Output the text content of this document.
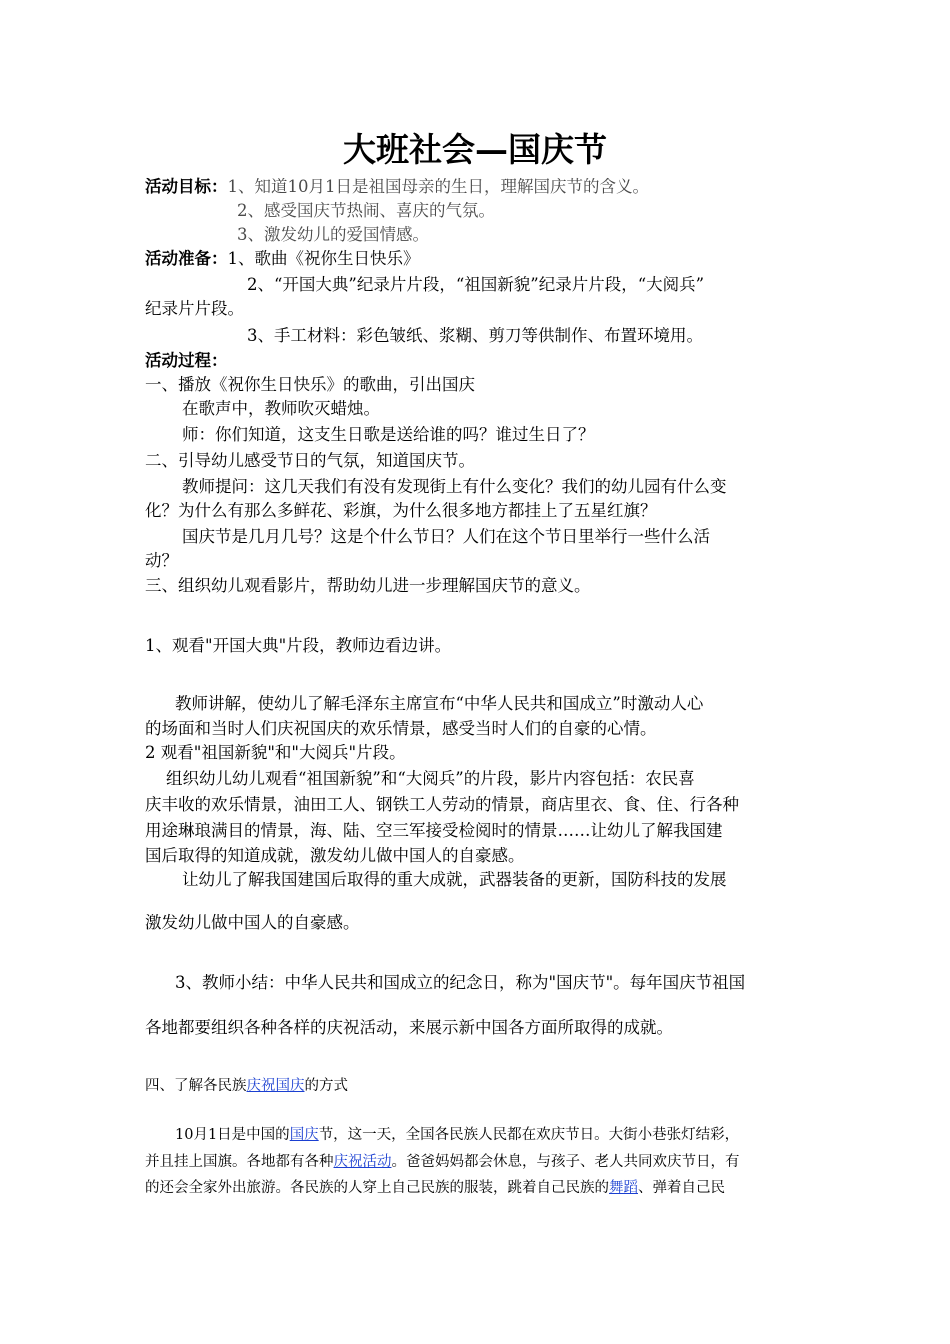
大班社会—国庆节
活动目标：1、知道10月1日是祖国母亲的生日，理解国庆节的含义。
2、感受国庆节热闹、喜庆的气氛。
3、激发幼儿的爱国情感。
活动准备：1、歌曲《祝你生日快乐》
2、“开国大典”纪录片片段，“祖国新貌”纪录片片段，“大阅兵”
纪录片片段。
3、手工材料：彩色皱纸、浆糊、剪刀等供制作、布置环境用。
活动过程：
一、播放《祝你生日快乐》的歌曲，引出国庆
在歌声中，教师吹灭蜡烛。
师：你们知道，这支生日歌是送给谁的吗？谁过生日了？
二、引导幼儿感受节日的气氛，知道国庆节。
教师提问：这几天我们有没有发现街上有什么变化？我们的幼儿园有什么变
化？为什么有那么多鲜花、彩旗，为什么很多地方都挂上了五星红旗？
国庆节是几月几号？这是个什么节日？人们在这个节日里举行一些什么活
动？
三、组织幼儿观看影片，帮助幼儿进一步理解国庆节的意义。
1、观看"开国大典"片段，教师边看边讲。
教师讲解，使幼儿了解毛泽东主席宣布“中华人民共和国成立”时激动人心
的场面和当时人们庆祝国庆的欢乐情景，感受当时人们的自豪的心情。
2 观看"祖国新貌"和"大阅兵"片段。
组织幼儿幼儿观看“祖国新貌”和“大阅兵”的片段，影片内容包括：农民喜
庆丰收的欢乐情景，油田工人、钢铁工人劳动的情景，商店里衣、食、住、行各种
用途琳琅满目的情景，海、陆、空三军接受检阅时的情景……让幼儿了解我国建
国后取得的知道成就，激发幼儿做中国人的自豪感。
让幼儿了解我国建国后取得的重大成就，武器装备的更新，国防科技的发展
激发幼儿做中国人的自豪感。
3、教师小结：中华人民共和国成立的纪念日，称为"国庆节"。每年国庆节祖国
各地都要组织各种各样的庆祝活动，来展示新中国各方面所取得的成就。
四、了解各民族庆祝国庆的方式
10月1日是中国的国庆节，这一天，全国各民族人民都在欢庆节日。大街小巷张灯结彩，
并且挂上国旗。各地都有各种庆祝活动。爸爸妈妈都会休息，与孩子、老人共同欢庆节日，有
的还会全家外出旅游。各民族的人穿上自己民族的服装，跳着自己民族的舞蹈、弹着自己民
